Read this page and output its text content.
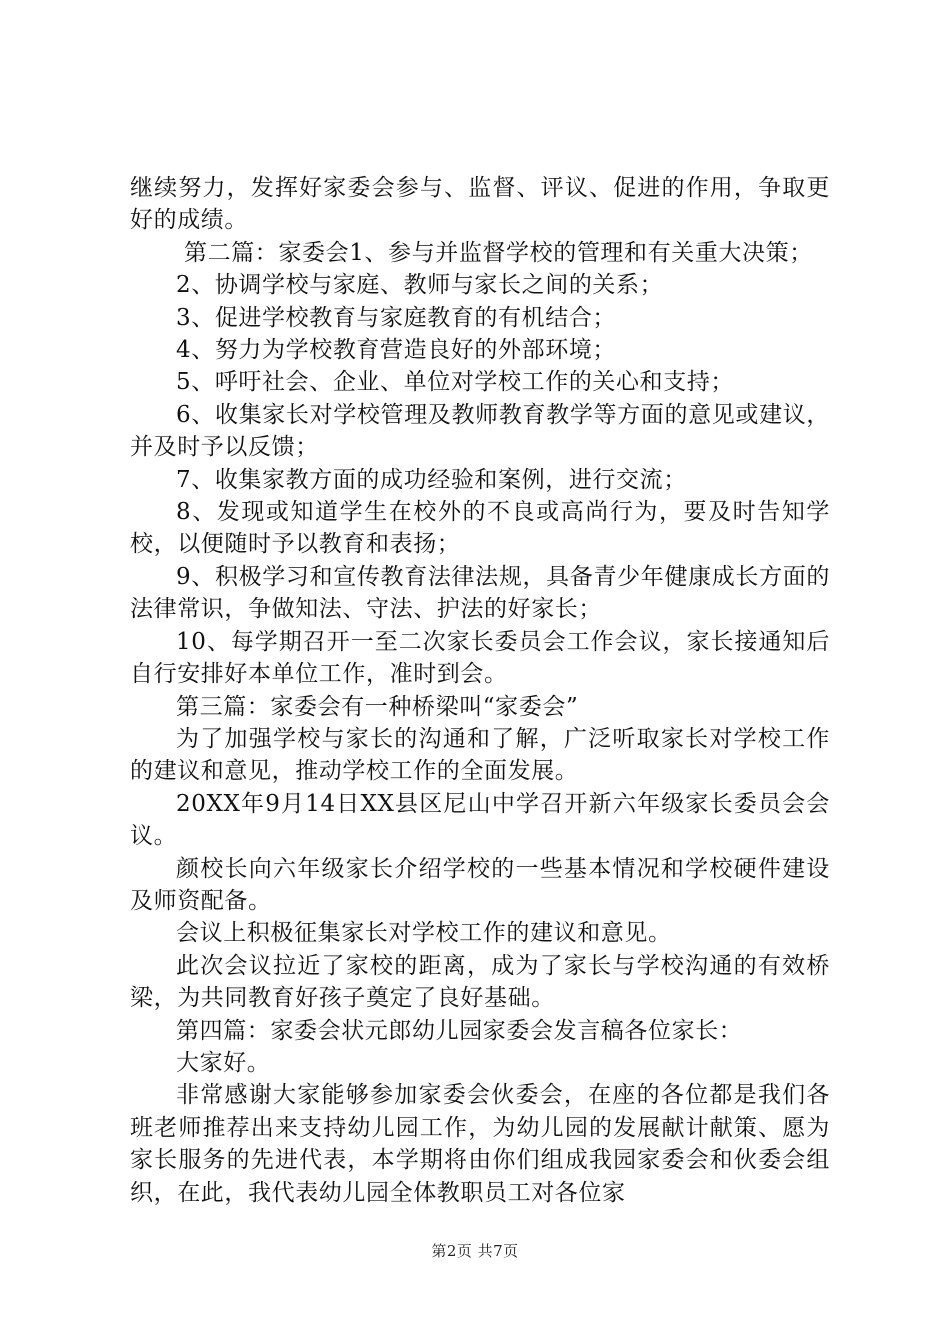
继续努力，发挥好家委会参与、监督、评议、促进的作用，争取更好的成绩。

第二篇：家委会1、参与并监督学校的管理和有关重大决策；

2、协调学校与家庭、教师与家长之间的关系；

3、促进学校教育与家庭教育的有机结合；

4、努力为学校教育营造良好的外部环境；

5、呼吁社会、企业、单位对学校工作的关心和支持；

6、收集家长对学校管理及教师教育教学等方面的意见或建议，并及时予以反馈；

7、收集家教方面的成功经验和案例，进行交流；

8、发现或知道学生在校外的不良或高尚行为，要及时告知学校，以便随时予以教育和表扬；

9、积极学习和宣传教育法律法规，具备青少年健康成长方面的法律常识，争做知法、守法、护法的好家长；

10、每学期召开一至二次家长委员会工作会议，家长接通知后自行安排好本单位工作，准时到会。

第三篇：家委会有一种桥梁叫“家委会”

为了加强学校与家长的沟通和了解，广泛听取家长对学校工作的建议和意见，推动学校工作的全面发展。

20XX年9月14日XX县区尼山中学召开新六年级家长委员会会议。

颜校长向六年级家长介绍学校的一些基本情况和学校硬件建设及师资配备。

会议上积极征集家长对学校工作的建议和意见。

此次会议拉近了家校的距离，成为了家长与学校沟通的有效桥梁，为共同教育好孩子奠定了良好基础。

第四篇：家委会状元郎幼儿园家委会发言稿各位家长：

大家好。

非常感谢大家能够参加家委会伙委会，在座的各位都是我们各班老师推荐出来支持幼儿园工作，为幼儿园的发展献计献策、愿为家长服务的先进代表，本学期将由你们组成我园家委会和伙委会组织，在此，我代表幼儿园全体教职员工对各位家

第2页 共7页
